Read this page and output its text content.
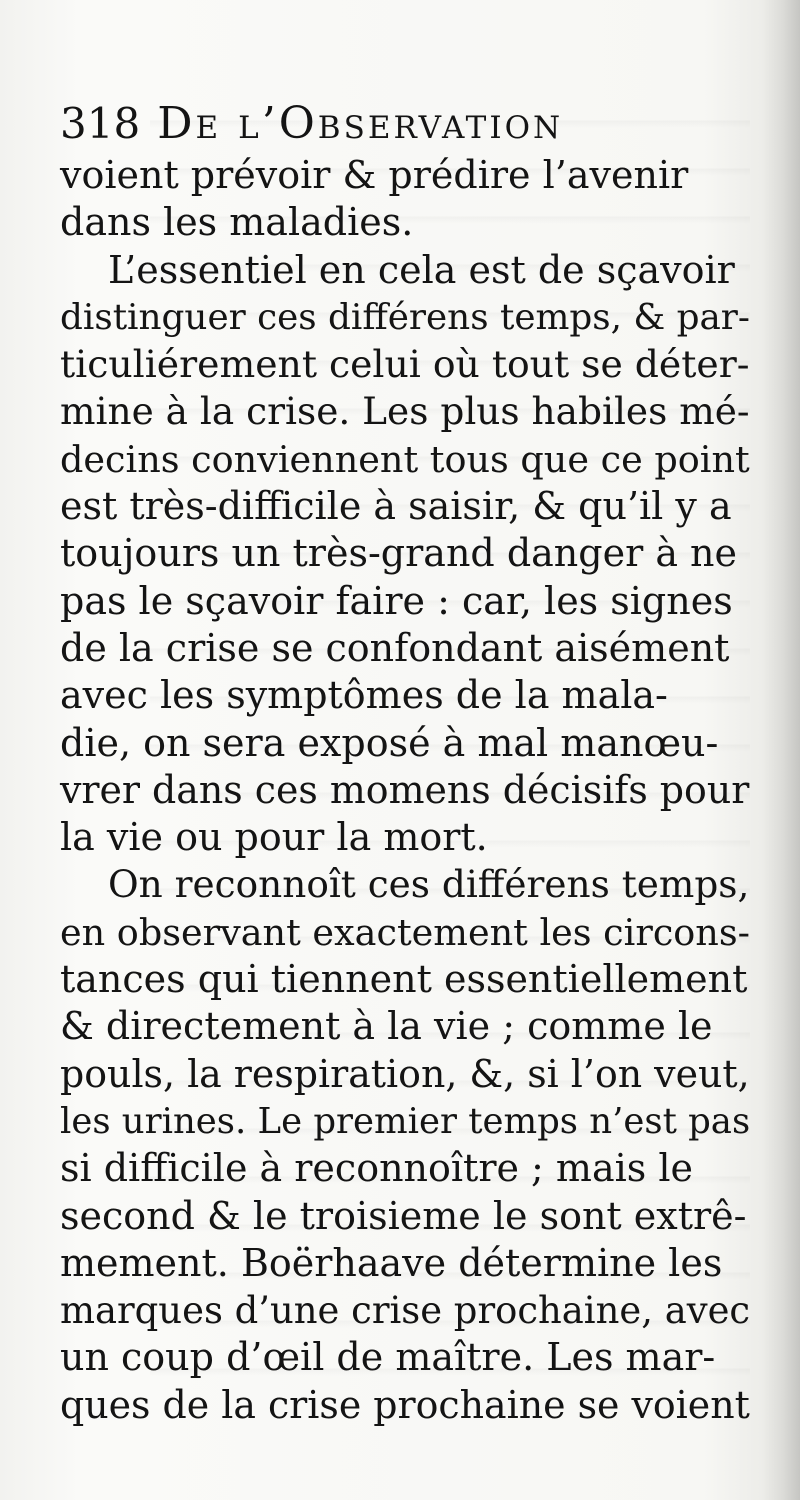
318 De l’Observation
voient prévoir & prédire l’avenir
dans les maladies.
L’essentiel en cela est de sçavoir
distinguer ces différens temps, & par-
ticuliérement celui où tout se déter-
mine à la crise. Les plus habiles mé-
decins conviennent tous que ce point
est très-difficile à saisir, & qu’il y a
toujours un très-grand danger à ne
pas le sçavoir faire : car, les signes
de la crise se confondant aisément
avec les symptômes de la mala-
die, on sera exposé à mal manœu-
vrer dans ces momens décisifs pour
la vie ou pour la mort.
On reconnoît ces différens temps,
en observant exactement les circons-
tances qui tiennent essentiellement
& directement à la vie ; comme le
pouls, la respiration, &, si l’on veut,
les urines. Le premier temps n’est pas
si difficile à reconnoître ; mais le
second & le troisieme le sont extrê-
mement. Boërhaave détermine les
marques d’une crise prochaine, avec
un coup d’œil de maître. Les mar-
ques de la crise prochaine se voient
